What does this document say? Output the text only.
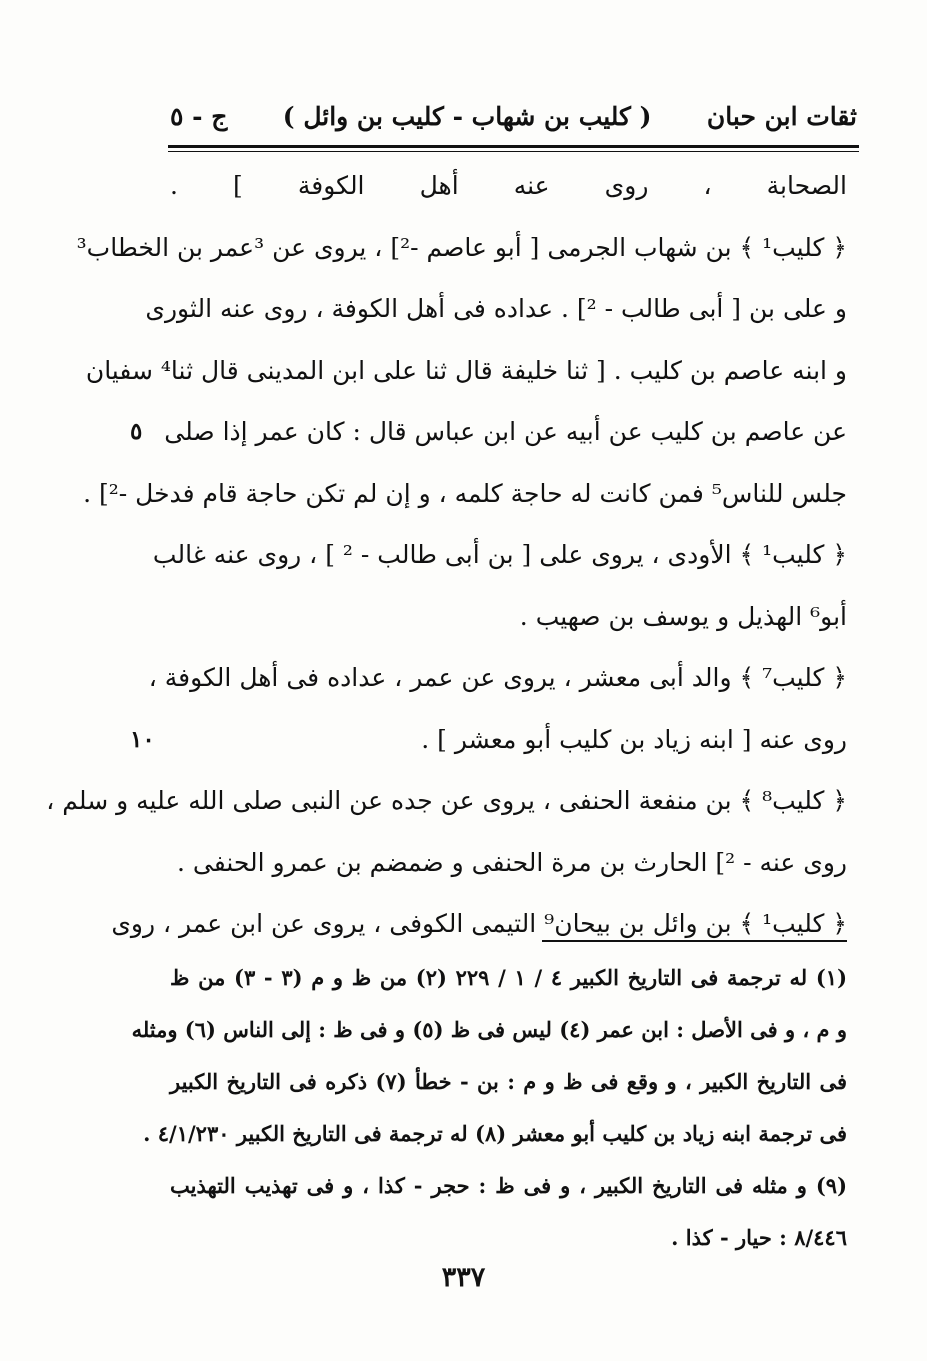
ثقات ابن حبان
( كليب بن شهاب - كليب بن وائل )
ج - ٥
الصحابة ، روى عنه أهل الكوفة ] .
﴿ كليب¹ ﴾ بن شهاب الجرمى [ أبو عاصم -²] ، يروى عن ³عمر بن الخطاب³
و على بن [ أبى طالب - ²] . عداده فى أهل الكوفة ، روى عنه الثورى
و ابنه عاصم بن كليب . [ ثنا خليفة قال ثنا على ابن المدينى قال ثنا⁴ سفيان
عن عاصم بن كليب عن أبيه عن ابن عباس قال : كان عمر إذا صلى
٥
جلس للناس⁵ فمن كانت له حاجة كلمه ، و إن لم تكن حاجة قام فدخل -²] .
﴿ كليب¹ ﴾ الأودى ، يروى على [ بن أبى طالب - ² ] ، روى عنه غالب
أبو⁶ الهذيل و يوسف بن صهيب .
﴿ كليب⁷ ﴾ والد أبى معشر ، يروى عن عمر ، عداده فى أهل الكوفة ،
روى عنه [ ابنه زياد بن كليب أبو معشر ] .
١٠
﴿ كليب⁸ ﴾ بن منفعة الحنفى ، يروى عن جده عن النبى صلى الله عليه و سلم ،
روى عنه - ²] الحارث بن مرة الحنفى و ضمضم بن عمرو الحنفى .
﴿ كليب¹ ﴾ بن وائل بن بيحان⁹ التيمى الكوفى ، يروى عن ابن عمر ، روى
(١) له ترجمة فى التاريخ الكبير ٤ / ١ / ٢٢٩ (٢) من ظ و م (٣ - ٣) من ظ
و م ، و فى الأصل : ابن عمر (٤) ليس فى ظ (٥) و فى ظ : إلى الناس (٦) ومثله
فى التاريخ الكبير ، و وقع فى ظ و م : بن - خطأ (٧) ذكره فى التاريخ الكبير
فى ترجمة ابنه زياد بن كليب أبو معشر (٨) له ترجمة فى التاريخ الكبير ٤/١/٢٣٠ .
(٩) و مثله فى التاريخ الكبير ، و فى ظ : حجر - كذا ، و فى تهذيب التهذيب
٨/٤٤٦ : حيار - كذا .
٣٣٧
